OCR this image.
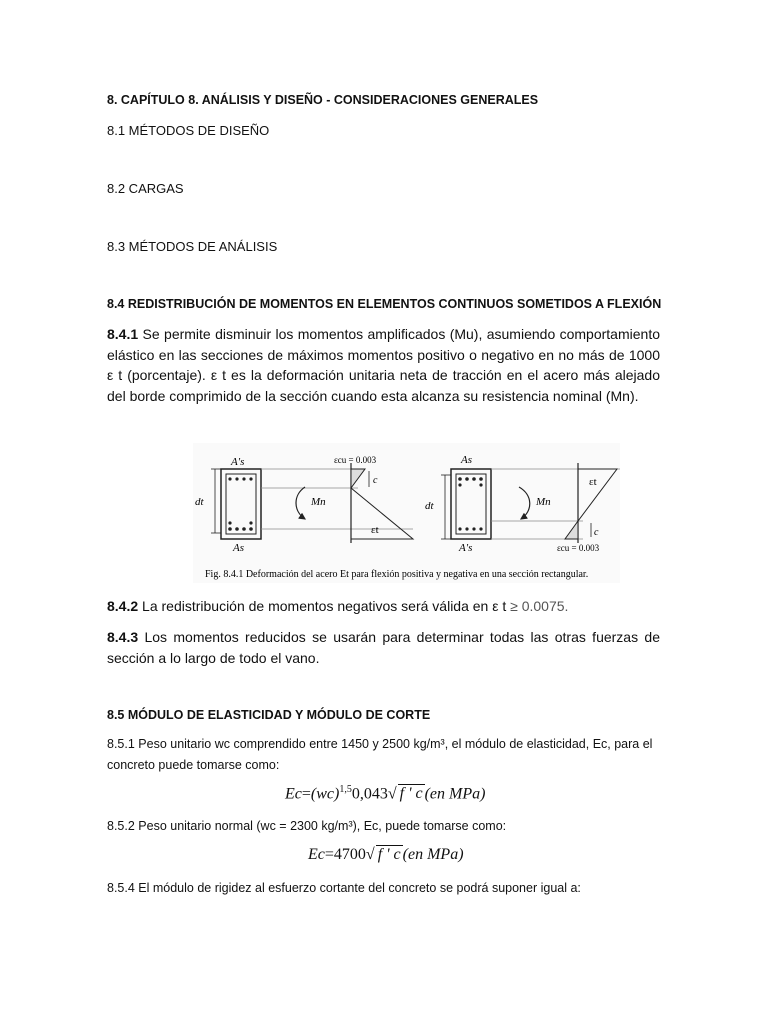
8. CAPÍTULO 8. ANÁLISIS Y DISEÑO - CONSIDERACIONES GENERALES
8.1 MÉTODOS DE DISEÑO
8.2 CARGAS
8.3 MÉTODOS DE ANÁLISIS
8.4 REDISTRIBUCIÓN DE MOMENTOS EN ELEMENTOS CONTINUOS SOMETIDOS A FLEXIÓN
8.4.1 Se permite disminuir los momentos amplificados (Mu), asumiendo comportamiento elástico en las secciones de máximos momentos positivo o negativo en no más de 1000 ε t (porcentaje). ε t es la deformación unitaria neta de tracción en el acero más alejado del borde comprimido de la sección cuando esta alcanza su resistencia nominal (Mn).
A's
As
dt	Mn
εcu = 0.003
c
εt
As
A's
dt	Mn
εt
c
εcu = 0.003
Fig. 8.4.1 Deformación del acero Et para flexión positiva y negativa en una sección rectangular.
8.4.2 La redistribución de momentos negativos será válida en ε t ≥ 0.0075.
8.4.3 Los momentos reducidos se usarán para determinar todas las otras fuerzas de sección a lo largo de todo el vano.
8.5 MÓDULO DE ELASTICIDAD Y MÓDULO DE CORTE
8.5.1 Peso unitario wc comprendido entre 1450 y 2500 kg/m³, el módulo de elasticidad, Ec, para el concreto puede tomarse como:
Ec=(wc)$^{1,5}$0,043√ f ' c (en MPa)
8.5.2 Peso unitario normal (wc = 2300 kg/m³), Ec, puede tomarse como:
Ec=4700√ f ' c (en MPa)
8.5.4 El módulo de rigidez al esfuerzo cortante del concreto se podrá suponer igual a:
